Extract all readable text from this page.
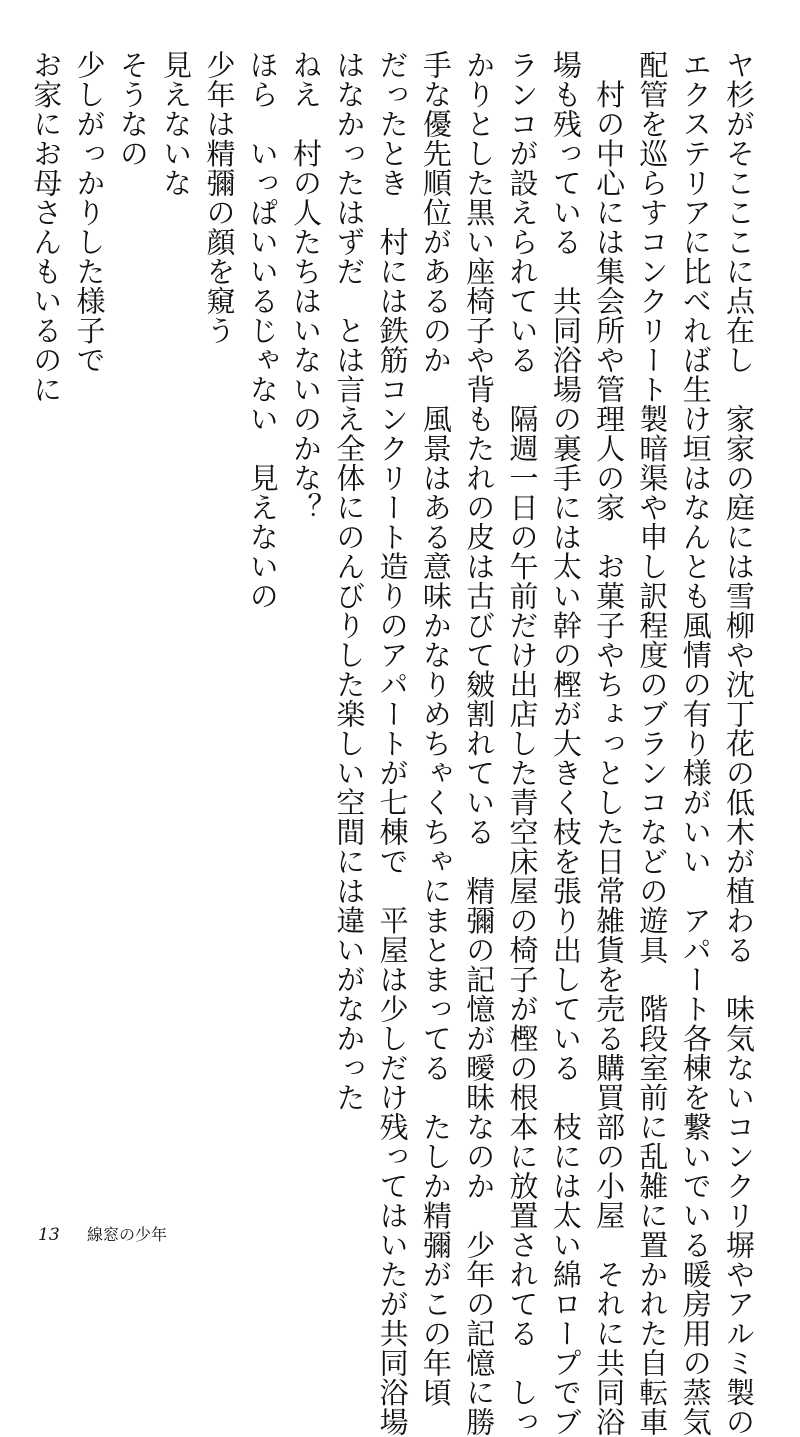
ヤ杉がそこここに点在し　家家の庭には雪柳や沈丁花の低木が植わる　味気ないコンクリ塀やアルミ製の

エクステリアに比べれば生け垣はなんとも風情の有り様がいい　アパート各棟を繋いでいる暖房用の蒸気

配管を巡らすコンクリート製暗渠や申し訳程度のブランコなどの遊具　階段室前に乱雑に置かれた自転車

　村の中心には集会所や管理人の家　お菓子やちょっとした日常雑貨を売る購買部の小屋　それに共同浴

場も残っている　共同浴場の裏手には太い幹の樫が大きく枝を張り出している　枝には太い綿ロープでブ

ランコが設えられている　隔週一日の午前だけ出店した青空床屋の椅子が樫の根本に放置されてる　しっ

かりとした黒い座椅子や背もたれの皮は古びて皴割れている　精彌の記憶が曖昧なのか　少年の記憶に勝

手な優先順位があるのか　風景はある意味かなりめちゃくちゃにまとまってる　たしか精彌がこの年頃

だったとき　村には鉄筋コンクリート造りのアパートが七棟で　平屋は少しだけ残ってはいたが共同浴場

はなかったはずだ　とは言え全体にのんびりした楽しい空間には違いがなかった

ねえ　村の人たちはいないのかな？

ほら　いっぱいいるじゃない　見えないの

少年は精彌の顔を窺う

見えないな

そうなの

少しがっかりした様子で

お家にお母さんもいるのに

13 線窓の少年
